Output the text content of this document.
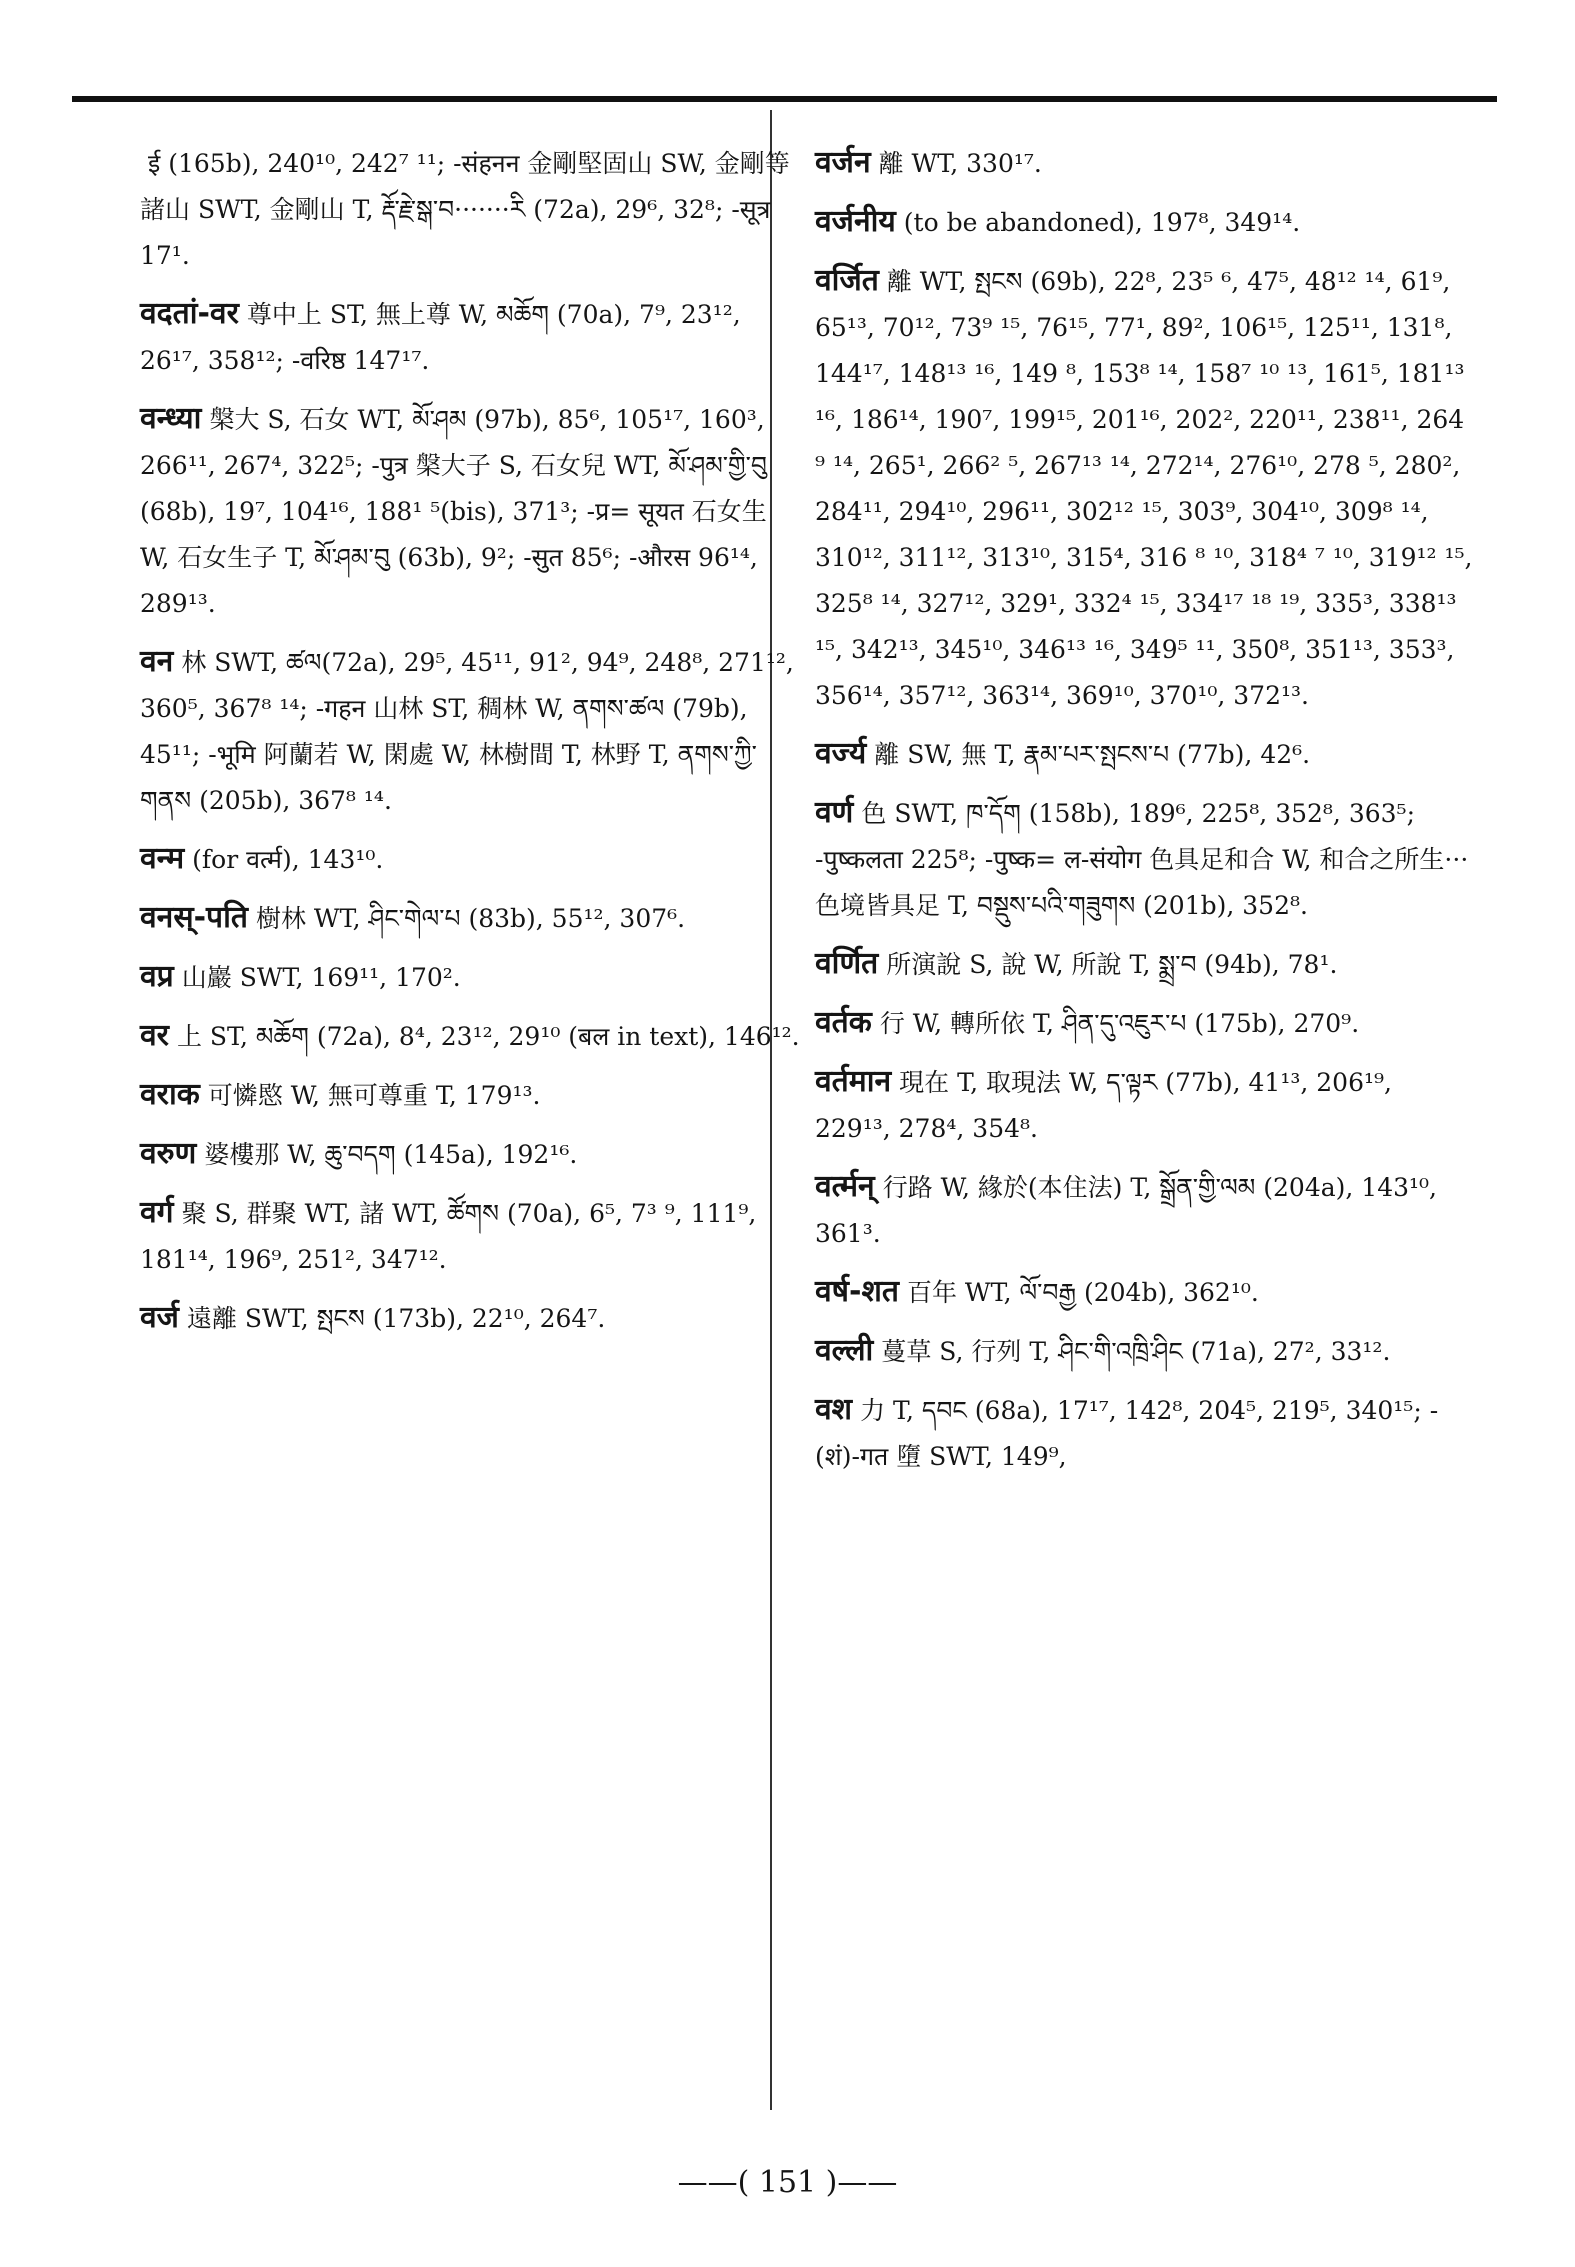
ई (165b), 240¹⁰, 242⁷ ¹¹; -संहनन 金剛堅固山 SW, 金剛等諸山 SWT, 金剛山 T, རྡོ་རྗེ་སྒ་བ·······རི (72a), 29⁶, 32⁸; -सूत्र 17¹.
वदतां-वर 尊中上 ST, 無上尊 W, མཆོག (70a), 7⁹, 23¹², 26¹⁷, 358¹²; -वरिष्ठ 147¹⁷.
वन्ध्या 槃大 S, 石女 WT, མོ་ཤམ (97b), 85⁶, 105¹⁷, 160³, 266¹¹, 267⁴, 322⁵; -पुत्र 槃大子 S, 石女兒 WT, མོ་ཤམ་གྱི་བུ (68b), 19⁷, 104¹⁶, 188¹ ⁵(bis), 371³; -प्र= सूयत 石女生 W, 石女生子 T, མོ་ཤམ་བུ (63b), 9²; -सुत 85⁶; -औरस 96¹⁴, 289¹³.
वन 林 SWT, ཚལ(72a), 29⁵, 45¹¹, 91², 94⁹, 248⁸, 271¹², 360⁵, 367⁸ ¹⁴; -गहन 山林 ST, 稠林 W, ནགས་ཚལ (79b), 45¹¹; -भूमि 阿蘭若 W, 閑處 W, 林樹間 T, 林野 T, ནགས་ཀྱི་གནས (205b), 367⁸ ¹⁴.
वन्म (for वर्त्म), 143¹⁰.
वनस्-पति 樹林 WT, ཤིང་གེལ་པ (83b), 55¹², 307⁶.
वप्र 山巖 SWT, 169¹¹, 170².
वर 上 ST, མཆོག (72a), 8⁴, 23¹², 29¹⁰ (बल in text), 146¹².
वराक 可憐愍 W, 無可尊重 T, 179¹³.
वरुण 婆樓那 W, ཆུ་བདག (145a), 192¹⁶.
वर्ग 聚 S, 群聚 WT, 諸 WT, ཚོགས (70a), 6⁵, 7³ ⁹, 111⁹, 181¹⁴, 196⁹, 251², 347¹².
वर्ज 遠離 SWT, སྤངས (173b), 22¹⁰, 264⁷.
वर्जन 離 WT, 330¹⁷.
वर्जनीय (to be abandoned), 197⁸, 349¹⁴.
वर्जित 離 WT, སྤངས (69b), 22⁸, 23⁵ ⁶, 47⁵, 48¹² ¹⁴, 61⁹, 65¹³, 70¹², 73⁹ ¹⁵, 76¹⁵, 77¹, 89², 106¹⁵, 125¹¹, 131⁸, 144¹⁷, 148¹³ ¹⁶, 149 ⁸, 153⁸ ¹⁴, 158⁷ ¹⁰ ¹³, 161⁵, 181¹³ ¹⁶, 186¹⁴, 190⁷, 199¹⁵, 201¹⁶, 202², 220¹¹, 238¹¹, 264 ⁹ ¹⁴, 265¹, 266² ⁵, 267¹³ ¹⁴, 272¹⁴, 276¹⁰, 278 ⁵, 280², 284¹¹, 294¹⁰, 296¹¹, 302¹² ¹⁵, 303⁹, 304¹⁰, 309⁸ ¹⁴, 310¹², 311¹², 313¹⁰, 315⁴, 316 ⁸ ¹⁰, 318⁴ ⁷ ¹⁰, 319¹² ¹⁵, 325⁸ ¹⁴, 327¹², 329¹, 332⁴ ¹⁵, 334¹⁷ ¹⁸ ¹⁹, 335³, 338¹³ ¹⁵, 342¹³, 345¹⁰, 346¹³ ¹⁶, 349⁵ ¹¹, 350⁸, 351¹³, 353³, 356¹⁴, 357¹², 363¹⁴, 369¹⁰, 370¹⁰, 372¹³.
वर्ज्य 離 SW, 無 T, རྣམ་པར་སྤངས་པ (77b), 42⁶.
वर्ण 色 SWT, ཁ་དོག (158b), 189⁶, 225⁸, 352⁸, 363⁵; -पुष्कलता 225⁸; -पुष्क= ल-संयोग 色具足和合 W, 和合之所生···色境皆具足 T, བསྡུས་པའི་གཟུགས (201b), 352⁸.
वर्णित 所演說 S, 說 W, 所說 T, སྨྲ་བ (94b), 78¹.
वर्तक 行 W, 轉所依 T, ཤིན་དུ་འཇུར་པ (175b), 270⁹.
वर्तमान 現在 T, 取現法 W, ད་ལྟར (77b), 41¹³, 206¹⁹, 229¹³, 278⁴, 354⁸.
वर्त्मन् 行路 W, 緣於(本住法) T, སྒྲོན་གྱི་ལམ (204a), 143¹⁰, 361³.
वर्ष-शत 百年 WT, ལོ་བརྒྱ (204b), 362¹⁰.
वल्ली 蔓草 S, 行列 T, ཤིང་གི་འཁྲི་ཤིང (71a), 27², 33¹².
वश 力 T, དབང (68a), 17¹⁷, 142⁸, 204⁵, 219⁵, 340¹⁵; -(शं)-गत 墮 SWT, 149⁹,
——( 151 )——
